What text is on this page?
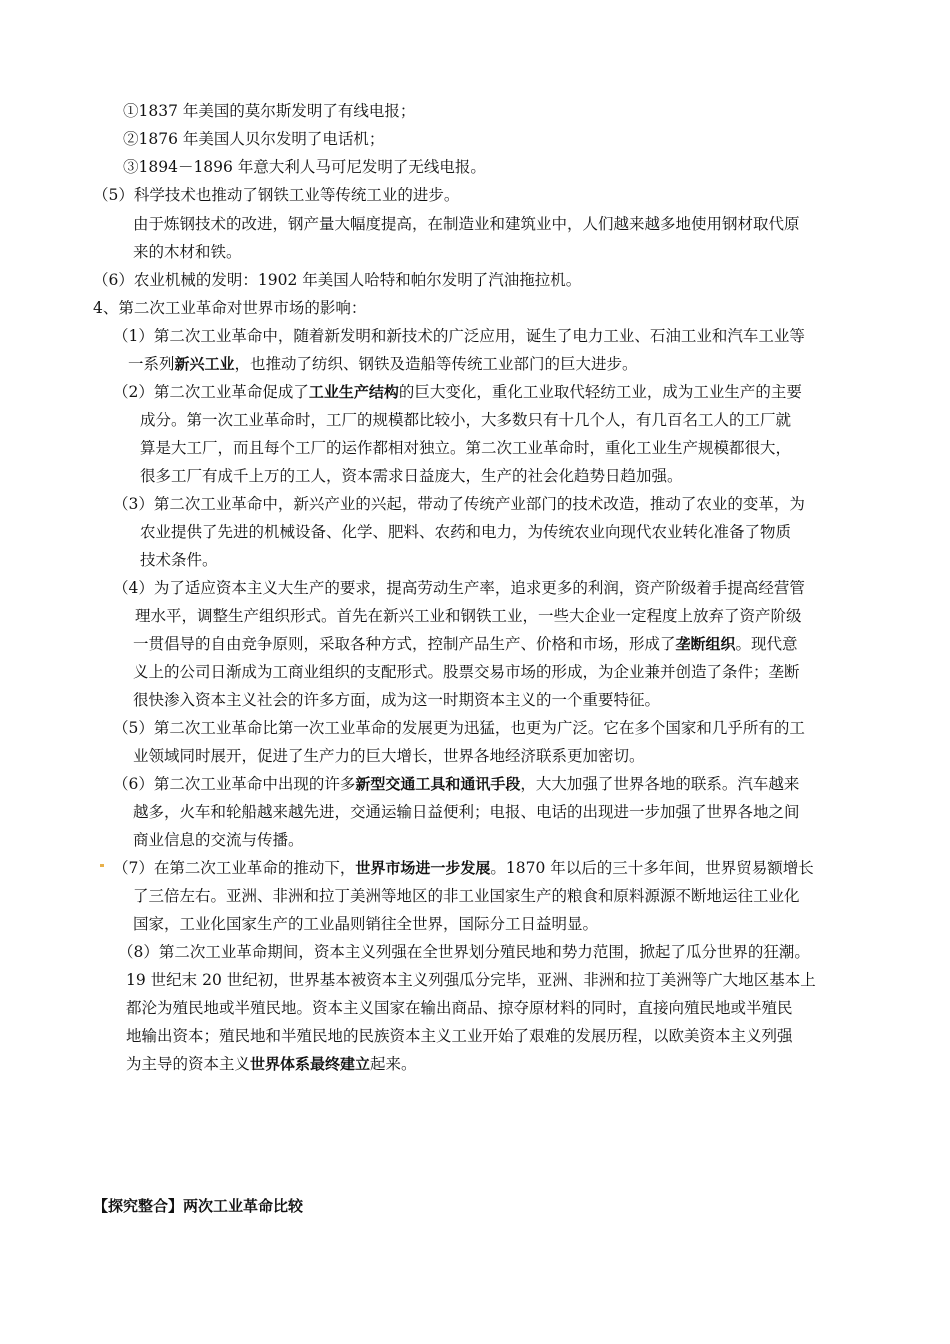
①1837 年美国的莫尔斯发明了有线电报；
②1876 年美国人贝尔发明了电话机；
③1894－1896 年意大利人马可尼发明了无线电报。
（5）科学技术也推动了钢铁工业等传统工业的进步。
由于炼钢技术的改进，钢产量大幅度提高，在制造业和建筑业中，人们越来越多地使用钢材取代原
来的木材和铁。
（6）农业机械的发明：1902 年美国人哈特和帕尔发明了汽油拖拉机。
4、第二次工业革命对世界市场的影响：
（1）第二次工业革命中，随着新发明和新技术的广泛应用，诞生了电力工业、石油工业和汽车工业等
一系列新兴工业，也推动了纺织、钢铁及造船等传统工业部门的巨大进步。
（2）第二次工业革命促成了工业生产结构的巨大变化，重化工业取代轻纺工业，成为工业生产的主要
成分。第一次工业革命时，工厂的规模都比较小，大多数只有十几个人，有几百名工人的工厂就
算是大工厂，而且每个工厂的运作都相对独立。第二次工业革命时，重化工业生产规模都很大，
很多工厂有成千上万的工人，资本需求日益庞大，生产的社会化趋势日趋加强。
（3）第二次工业革命中，新兴产业的兴起，带动了传统产业部门的技术改造，推动了农业的变革，为
农业提供了先进的机械设备、化学、肥料、农药和电力，为传统农业向现代农业转化准备了物质
技术条件。
（4）为了适应资本主义大生产的要求，提高劳动生产率，追求更多的利润，资产阶级着手提高经营管
理水平，调整生产组织形式。首先在新兴工业和钢铁工业，一些大企业一定程度上放弃了资产阶级
一贯倡导的自由竞争原则，采取各种方式，控制产品生产、价格和市场，形成了垄断组织。现代意
义上的公司日渐成为工商业组织的支配形式。股票交易市场的形成，为企业兼并创造了条件；垄断
很快渗入资本主义社会的许多方面，成为这一时期资本主义的一个重要特征。
（5）第二次工业革命比第一次工业革命的发展更为迅猛，也更为广泛。它在多个国家和几乎所有的工
业领域同时展开，促进了生产力的巨大增长，世界各地经济联系更加密切。
（6）第二次工业革命中出现的许多新型交通工具和通讯手段，大大加强了世界各地的联系。汽车越来
越多，火车和轮船越来越先进，交通运输日益便利；电报、电话的出现进一步加强了世界各地之间
商业信息的交流与传播。
（7）在第二次工业革命的推动下，世界市场进一步发展。1870 年以后的三十多年间，世界贸易额增长
了三倍左右。亚洲、非洲和拉丁美洲等地区的非工业国家生产的粮食和原料源源不断地运往工业化
国家，工业化国家生产的工业晶则销往全世界，国际分工日益明显。
（8）第二次工业革命期间，资本主义列强在全世界划分殖民地和势力范围，掀起了瓜分世界的狂潮。
19 世纪末 20 世纪初，世界基本被资本主义列强瓜分完毕，亚洲、非洲和拉丁美洲等广大地区基本上
都沦为殖民地或半殖民地。资本主义国家在输出商品、掠夺原材料的同时，直接向殖民地或半殖民
地输出资本；殖民地和半殖民地的民族资本主义工业开始了艰难的发展历程，以欧美资本主义列强
为主导的资本主义世界体系最终建立起来。
【探究整合】两次工业革命比较
